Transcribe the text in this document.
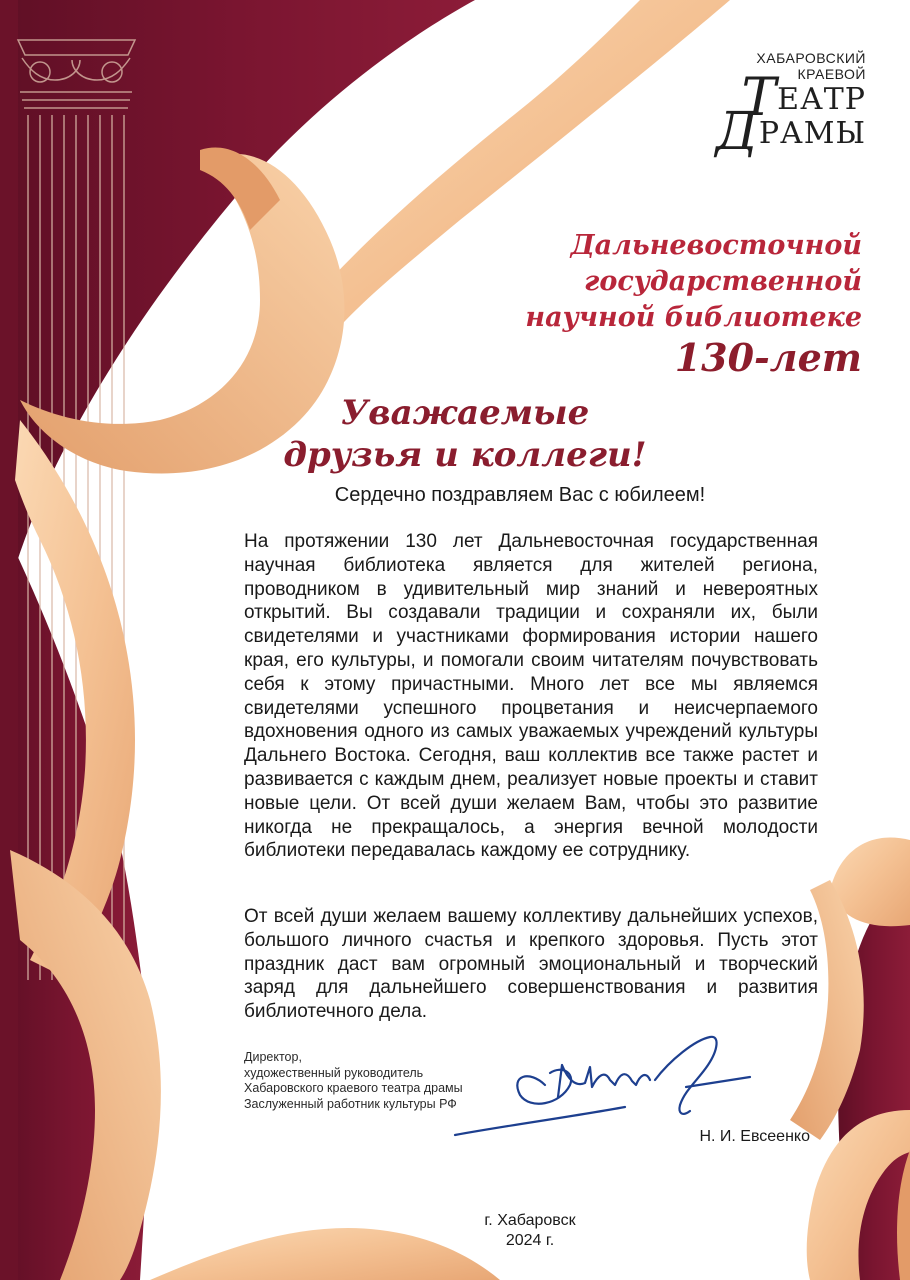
ХАБАРОВСКИЙ
КРАЕВОЙ
ТЕАТР
ДРАМЫ
Дальневосточной
государственной
научной библиотеке
130-лет
Уважаемые
друзья и коллеги!
Сердечно поздравляем Вас с юбилеем!

На протяжении 130 лет Дальневосточная государственная научная библиотека является для жителей региона, проводником в удивительный мир знаний и невероятных открытий. Вы создавали традиции и сохраняли их, были свидетелями и участниками формирования истории нашего края, его культуры, и помогали своим читателям почувствовать себя к этому причастными. Много лет все мы являемся свидетелями успешного процветания и неисчерпаемого вдохновения одного из самых уважаемых учреждений культуры Дальнего Востока. Сегодня, ваш коллектив все также растет и развивается с каждым днем, реализует новые проекты и ставит новые цели. От всей души желаем Вам, чтобы это развитие никогда не прекращалось, а энергия вечной молодости библиотеки передавалась каждому ее сотруднику.

От всей души желаем вашему коллективу дальнейших успехов, большого личного счастья и крепкого здоровья. Пусть этот праздник даст вам огромный эмоциональный и творческий заряд для дальнейшего совершенствования и развития библиотечного дела.

Директор,
художественный руководитель
Хабаровского краевого театра драмы
Заслуженный работник культуры РФ
Н. И. Евсеенко
г. Хабаровск
2024 г.
